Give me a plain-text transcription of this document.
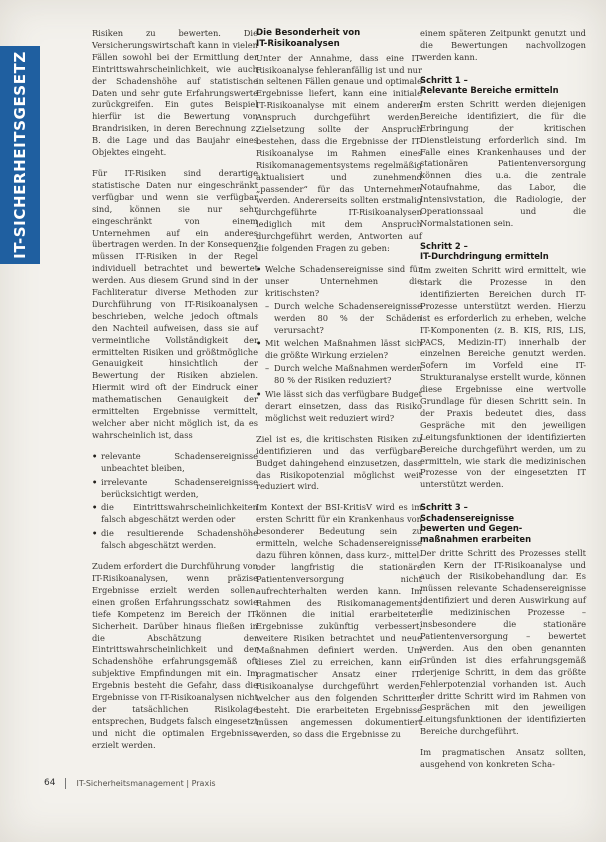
IT-SICHERHEITSGESETZ

Risiken zu bewerten. Die Versicherungswirtschaft kann in vielen Fällen sowohl bei der Ermittlung der Eintrittswahrscheinlichkeit, wie auch der Schadenshöhe auf statistische Daten und sehr gute Erfahrungswerte zurückgreifen. Ein gutes Beispiel hierfür ist die Bewertung von Brandrisiken, in deren Berechnung z. B. die Lage und das Baujahr eines Objektes eingeht.

Für IT-Risiken sind derartige statistische Daten nur eingeschränkt verfügbar und wenn sie verfügbar sind, können sie nur sehr eingeschränkt von einem Unternehmen auf ein anderes übertragen werden. In der Konsequenz müssen IT-Risiken in der Regel individuell betrachtet und bewertet werden. Aus diesem Grund sind in der Fachliteratur diverse Methoden zur Durchführung von IT-Risikoanalysen beschrieben, welche jedoch oftmals den Nachteil aufweisen, dass sie auf vermeintliche Vollständigkeit der ermittelten Risiken und größtmögliche Genauigkeit hinsichtlich der Bewertung der Risiken abzielen. Hiermit wird oft der Eindruck einer mathematischen Genauigkeit der ermittelten Ergebnisse vermittelt, welcher aber nicht möglich ist, da es wahrscheinlich ist, dass

• relevante Schadensereignisse unbeachtet bleiben,
• irrelevante Schadensereignisse berücksichtigt werden,
• die Eintrittswahrscheinlichkeiten falsch abgeschätzt werden oder
• die resultierende Schadenshöhe falsch abgeschätzt werden.

Zudem erfordert die Durchführung von IT-Risikoanalysen, wenn präzise Ergebnisse erzielt werden sollen, einen großen Erfahrungsschatz sowie tiefe Kompetenz im Bereich der IT-Sicherheit. Darüber hinaus fließen in die Abschätzung der Eintrittswahrscheinlichkeit und der Schadenshöhe erfahrungsgemäß oft subjektive Empfindungen mit ein. Im Ergebnis besteht die Gefahr, dass die Ergebnisse von IT-Risikoanalysen nicht der tatsächlichen Risikolage entsprechen, Budgets falsch eingesetzt und nicht die optimalen Ergebnisse erzielt werden.

Die Besonderheit von
IT-Risikoanalysen

Unter der Annahme, dass eine IT-Risikoanalyse fehleranfällig ist und nur in seltenen Fällen genaue und optimale Ergebnisse liefert, kann eine initiale IT-Risikoanalyse mit einem anderen Anspruch durchgeführt werden. Zielsetzung sollte der Anspruch bestehen, dass die Ergebnisse der IT-Risikoanalyse im Rahmen eines Risikomanagementsystems regelmäßig aktualisiert und zunehmend „passender“ für das Unternehmen werden. Andererseits sollten erstmalig durchgeführte IT-Risikoanalysen lediglich mit dem Anspruch durchgeführt werden, Antworten auf die folgenden Fragen zu geben:

• Welche Schadensereignisse sind für unser Unternehmen die kritischsten?
– Durch welche Schadensereignisse werden 80 % der Schäden verursacht?
• Mit welchen Maßnahmen lässt sich die größte Wirkung erzielen?
– Durch welche Maßnahmen werden 80 % der Risiken reduziert?
• Wie lässt sich das verfügbare Budget derart einsetzen, dass das Risiko möglichst weit reduziert wird?

Ziel ist es, die kritischsten Risiken zu identifizieren und das verfügbare Budget dahingehend einzusetzen, dass das Risikopotenzial möglichst weit reduziert wird.

Im Kontext der BSI-KritisV wird es im ersten Schritt für ein Krankenhaus von besonderer Bedeutung sein zu ermitteln, welche Schadensereignisse dazu führen können, dass kurz-, mittel- oder langfristig die stationäre Patientenversorgung nicht aufrechterhalten werden kann. Im Rahmen des Risikomanagements können die initial erarbeiteten Ergebnisse zukünftig verbessert, weitere Risiken betrachtet und neue Maßnahmen definiert werden. Um dieses Ziel zu erreichen, kann ein pragmatischer Ansatz einer IT-Risikoanalyse durchgeführt werden, welcher aus den folgenden Schritten besteht. Die erarbeiteten Ergebnisse müssen angemessen dokumentiert werden, so dass die Ergebnisse zu

einem späteren Zeitpunkt genutzt und die Bewertungen nachvollzogen werden kann.

Schritt 1 –
Relevante Bereiche ermitteln

Im ersten Schritt werden diejenigen Bereiche identifiziert, die für die Erbringung der kritischen Dienstleistung erforderlich sind. Im Falle eines Krankenhauses und der stationären Patientenversorgung können dies u.a. die zentrale Notaufnahme, das Labor, die Intensivstation, die Radiologie, der Operationssaal und die Normalstationen sein.

Schritt 2 –
IT-Durchdringung ermitteln

Im zweiten Schritt wird ermittelt, wie stark die Prozesse in den identifizierten Bereichen durch IT-Prozesse unterstützt werden. Hierzu ist es erforderlich zu erheben, welche IT-Komponenten (z. B. KIS, RIS, LIS, PACS, Medizin-IT) innerhalb der einzelnen Bereiche genutzt werden. Sofern im Vorfeld eine IT-Strukturanalyse erstellt wurde, können diese Ergebnisse eine wertvolle Grundlage für diesen Schritt sein. In der Praxis bedeutet dies, dass Gespräche mit den jeweiligen Leitungsfunktionen der identifizierten Bereiche durchgeführt werden, um zu ermitteln, wie stark die medizinischen Prozesse von der eingesetzten IT unterstützt werden.

Schritt 3 –
Schadensereignisse
bewerten und Gegen-
maßnahmen erarbeiten

Der dritte Schritt des Prozesses stellt den Kern der IT-Risikoanalyse und auch der Risikobehandlung dar. Es müssen relevante Schadensereignisse identifiziert und deren Auswirkung auf die medizinischen Prozesse – insbesondere die stationäre Patientenversorgung – bewertet werden. Aus den oben genannten Gründen ist dies erfahrungsgemäß derjenige Schritt, in dem das größte Fehlerpotenzial vorhanden ist. Auch der dritte Schritt wird im Rahmen von Gesprächen mit den jeweiligen Leitungsfunktionen der identifizierten Bereiche durchgeführt.

Im pragmatischen Ansatz sollten, ausgehend von konkreten Scha-

64	IT-Sicherheitsmanagement | Praxis
